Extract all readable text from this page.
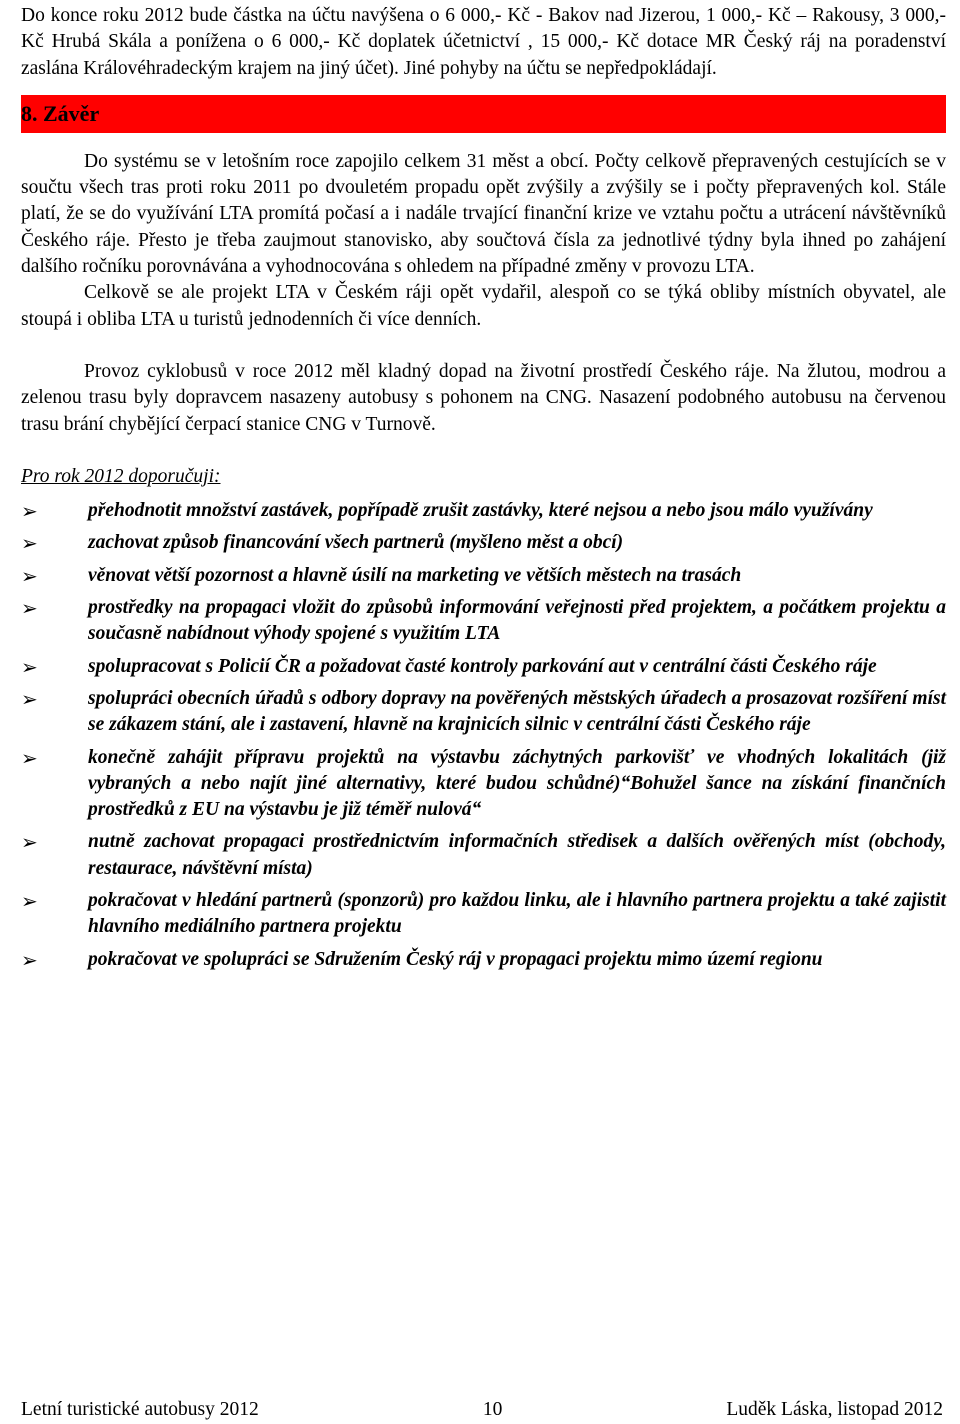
Do konce roku 2012 bude částka na účtu navýšena o 6 000,- Kč - Bakov nad Jizerou, 1 000,- Kč – Rakousy, 3 000,- Kč Hrubá Skála a ponížena o 6 000,- Kč doplatek účetnictví , 15 000,- Kč dotace MR Český ráj na poradenství zaslána Královéhradeckým krajem na jiný účet). Jiné pohyby na účtu se nepředpokládají.

8. Závěr

Do systému se v letošním roce zapojilo celkem 31 měst a obcí. Počty celkově přepravených cestujících se v součtu všech tras proti roku 2011 po dvouletém propadu opět zvýšily a zvýšily se i počty přepravených kol. Stále platí, že se do využívání LTA promítá počasí a i nadále trvající finanční krize ve vztahu počtu a utrácení návštěvníků Českého ráje. Přesto je třeba zaujmout stanovisko, aby součtová čísla za jednotlivé týdny byla ihned po zahájení dalšího ročníku porovnávána a vyhodnocována s ohledem na případné změny v provozu LTA.

Celkově se ale projekt LTA v Českém ráji opět vydařil, alespoň co se týká obliby místních obyvatel, ale stoupá i obliba LTA u turistů jednodenních či více denních.

Provoz cyklobusů v roce 2012 měl kladný dopad na životní prostředí Českého ráje. Na žlutou, modrou a zelenou trasu byly dopravcem nasazeny autobusy s pohonem na CNG. Nasazení podobného autobusu na červenou trasu brání chybějící čerpací stanice CNG v Turnově.

Pro rok 2012 doporučuji:

➢	přehodnotit množství zastávek, popřípadě zrušit zastávky, které nejsou a nebo jsou málo využívány
➢	zachovat způsob financování všech partnerů (myšleno měst a obcí)
➢	věnovat větší pozornost a hlavně úsilí na marketing ve větších městech na trasách
➢	prostředky na propagaci vložit do způsobů informování veřejnosti před projektem, a počátkem projektu a současně nabídnout výhody spojené s využitím LTA
➢	spolupracovat s Policií ČR a požadovat časté kontroly parkování aut v centrální části Českého ráje
➢	spolupráci obecních úřadů s odbory dopravy na pověřených městských úřadech a prosazovat rozšíření míst se zákazem stání, ale i zastavení, hlavně na krajnicích silnic v centrální části Českého ráje
➢	konečně zahájit přípravu projektů na výstavbu záchytných parkovišť ve vhodných lokalitách (již vybraných a nebo najít jiné alternativy, které budou schůdné)“Bohužel šance na získání finančních prostředků z EU na výstavbu je již téměř nulová“
➢	nutně zachovat propagaci prostřednictvím informačních středisek a dalších ověřených míst (obchody, restaurace, návštěvní místa)
➢	pokračovat v hledání partnerů (sponzorů) pro každou linku, ale i hlavního partnera projektu a také zajistit hlavního mediálního partnera projektu
➢	pokračovat ve spolupráci se Sdružením Český ráj v propagaci projektu mimo území regionu
Letní turistické autobusy 2012	10	Luděk Láska, listopad 2012
